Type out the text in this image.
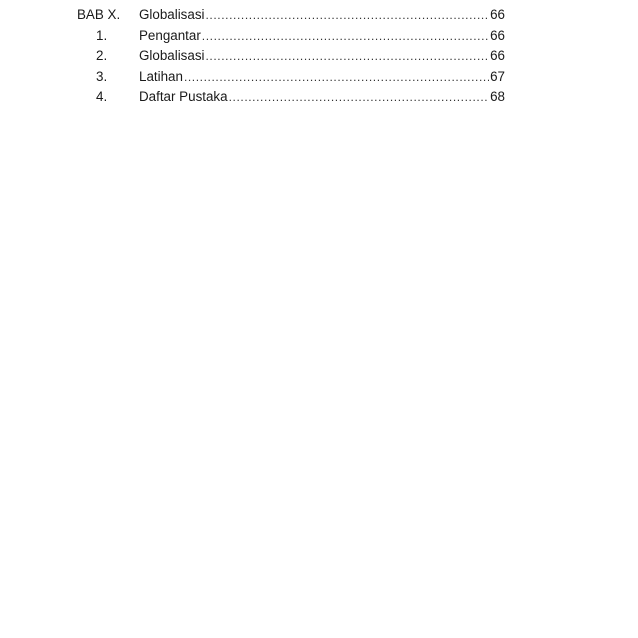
BAB X. Globalisasi .....	66
1. Pengantar .....	66
2. Globalisasi .....	66
3. Latihan .....	67
4. Daftar Pustaka .....	68
